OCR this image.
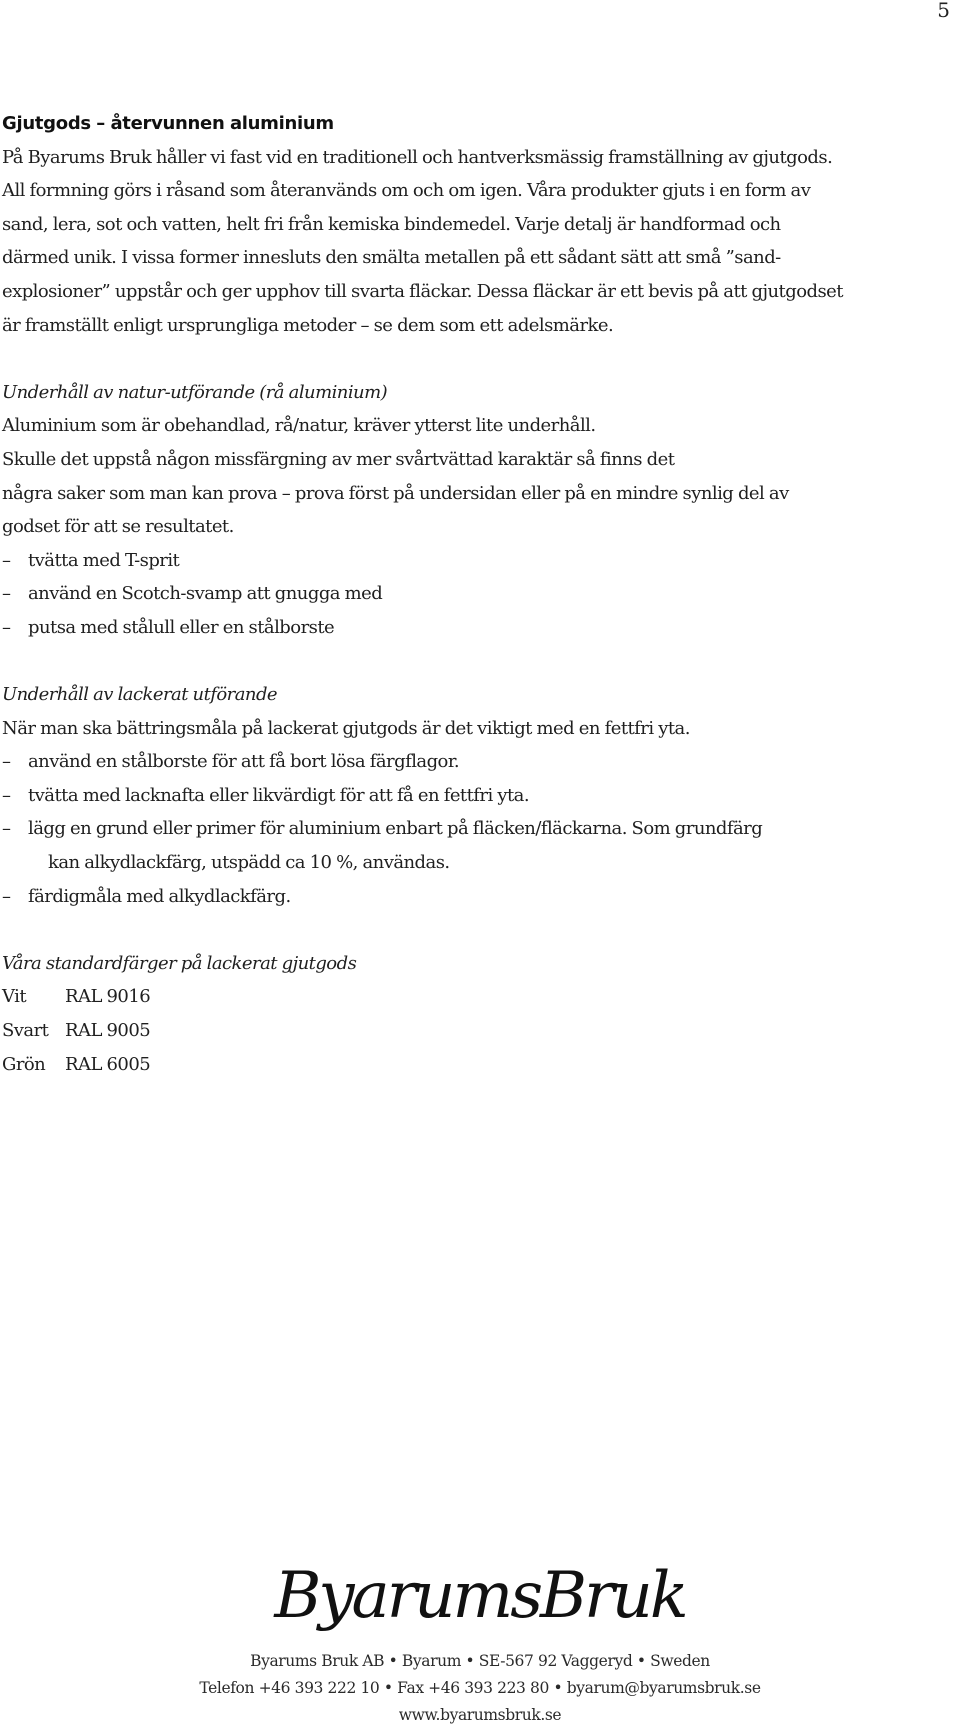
5
Gjutgods – återvunnen aluminium
På Byarums Bruk håller vi fast vid en traditionell och hantverksmässig framställning av gjutgods.
All formning görs i råsand som återanvänds om och om igen. Våra produkter gjuts i en form av
sand, lera, sot och vatten, helt fri från kemiska bindemedel. Varje detalj är handformad och
därmed unik. I vissa former innesluts den smälta metallen på ett sådant sätt att små ”sand-
explosioner” uppstår och ger upphov till svarta fläckar. Dessa fläckar är ett bevis på att gjutgodset
är framställt enligt ursprungliga metoder – se dem som ett adelsmärke.
Underhåll av natur-utförande (rå aluminium)
Aluminium som är obehandlad, rå/natur, kräver ytterst lite underhåll.
Skulle det uppstå någon missfärgning av mer svårtvättad karaktär så finns det
några saker som man kan prova – prova först på undersidan eller på en mindre synlig del av
godset för att se resultatet.
– tvätta med T-sprit
– använd en Scotch-svamp att gnugga med
– putsa med stålull eller en stålborste
Underhåll av lackerat utförande
När man ska bättringsmåla på lackerat gjutgods är det viktigt med en fettfri yta.
– använd en stålborste för att få bort lösa färgflagor.
– tvätta med lacknafta eller likvärdigt för att få en fettfri yta.
– lägg en grund eller primer för aluminium enbart på fläcken/fläckarna. Som grundfärg
kan alkydlackfärg, utspädd ca 10 %, användas.
– färdigmåla med alkydlackfärg.
Våra standardfärger på lackerat gjutgods
Vit	RAL 9016
Svart RAL 9005
Grön	RAL 6005
ByarumsBruk
Byarums Bruk AB • Byarum • SE-567 92 Vaggeryd • Sweden
Telefon +46 393 222 10 • Fax +46 393 223 80 • byarum@byarumsbruk.se
www.byarumsbruk.se
